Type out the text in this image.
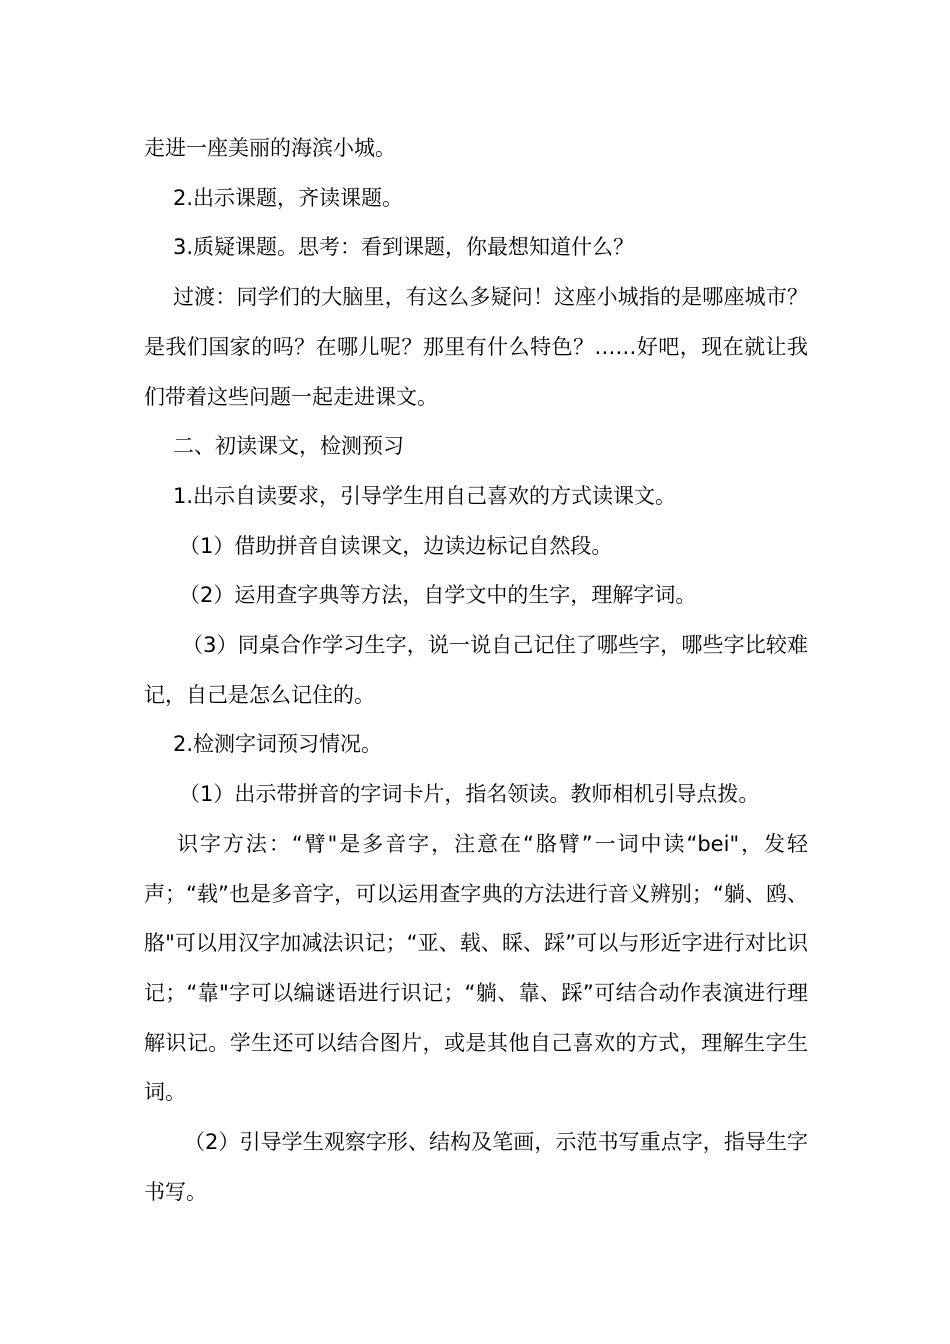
走进一座美丽的海滨小城。

2.出示课题，齐读课题。

3.质疑课题。思考：看到课题，你最想知道什么？

过渡：同学们的大脑里，有这么多疑问！这座小城指的是哪座城市？是我们国家的吗？在哪儿呢？那里有什么特色？……好吧，现在就让我们带着这些问题一起走进课文。

二、初读课文，检测预习

1.出示自读要求，引导学生用自己喜欢的方式读课文。

（1）借助拼音自读课文，边读边标记自然段。

（2）运用查字典等方法，自学文中的生字，理解字词。

（3）同桌合作学习生字，说一说自己记住了哪些字，哪些字比较难记，自己是怎么记住的。

2.检测字词预习情况。

（1）出示带拼音的字词卡片，指名领读。教师相机引导点拨。

识字方法：“臂"是多音字，注意在“胳臂”一词中读“bei"，发轻声；“载”也是多音字，可以运用查字典的方法进行音义辨别；“躺、鸥、胳"可以用汉字加减法识记；“亚、载、睬、踩”可以与形近字进行对比识记；“靠"字可以编谜语进行识记；“躺、靠、踩”可结合动作表演进行理解识记。学生还可以结合图片，或是其他自己喜欢的方式，理解生字生词。

（2）引导学生观察字形、结构及笔画，示范书写重点字，指导生字书写。
